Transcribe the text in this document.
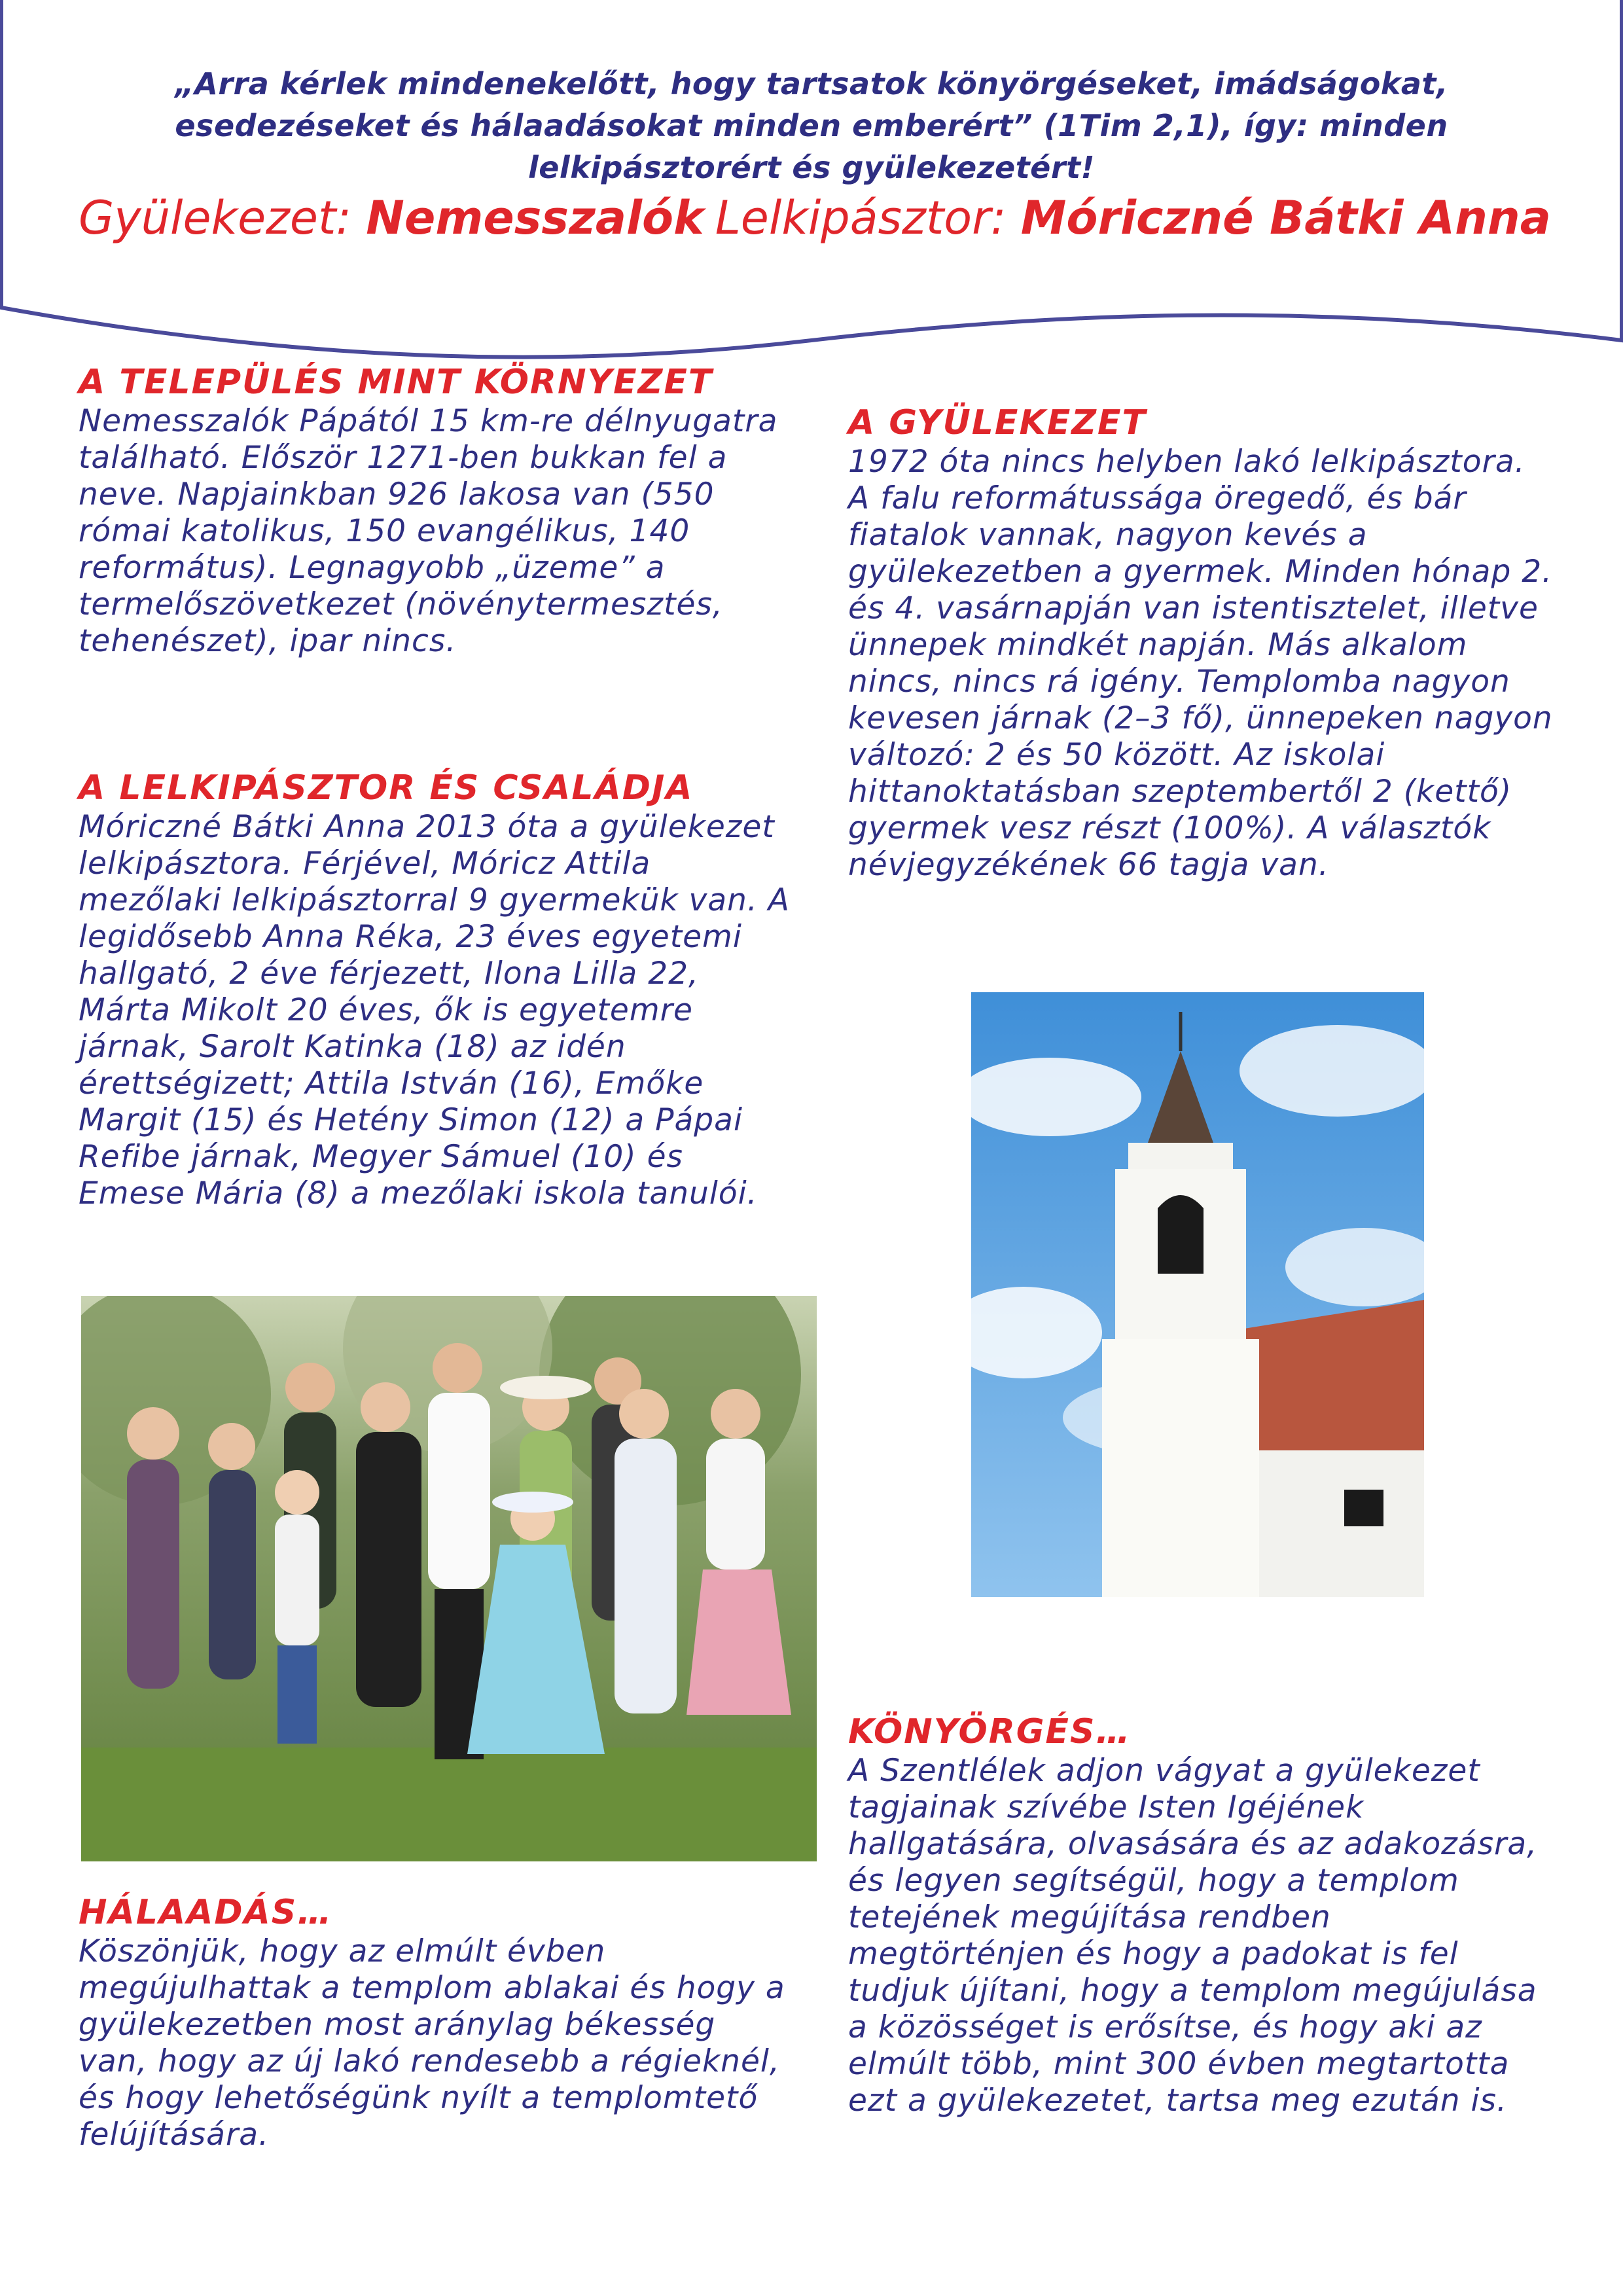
„Arra kérlek mindenekelőtt, hogy tartsatok könyörgéseket, imádságokat, esedezéseket és hálaadásokat minden emberért” (1Tim 2,1), így: minden lelkipásztorért és gyülekezetért!
Gyülekezet: Nemesszalók Lelkipásztor: Móriczné Bátki Anna
A TELEPÜLÉS MINT KÖRNYEZET

Nemesszalók Pápától 15 km-re délnyugatra található. Először 1271-ben bukkan fel a neve. Napjainkban 926 lakosa van (550 római katolikus, 150 evangélikus, 140 református). Legnagyobb „üzeme” a termelőszövetkezet (növénytermesztés, tehenészet), ipar nincs.

A LELKIPÁSZTOR ÉS CSALÁDJA

Móriczné Bátki Anna 2013 óta a gyülekezet lelkipásztora. Férjével, Móricz Attila mezőlaki lelkipásztorral 9 gyermekük van. A legidősebb Anna Réka, 23 éves egyetemi hallgató, 2 éve férjezett, Ilona Lilla 22, Márta Mikolt 20 éves, ők is egyetemre járnak, Sarolt Katinka (18) az idén érettségizett; Attila István (16), Emőke Margit (15) és Hetény Simon (12) a Pápai Refibe járnak, Megyer Sámuel (10) és Emese Mária (8) a mezőlaki iskola tanulói.

HÁLAADÁS…

Köszönjük, hogy az elmúlt évben megújulhattak a templom ablakai és hogy a gyülekezetben most aránylag békesség van, hogy az új lakó rendesebb a régieknél, és hogy lehetőségünk nyílt a templomtető felújítására.

A GYÜLEKEZET

1972 óta nincs helyben lakó lelkipásztora. A falu reformátussága öregedő, és bár fiatalok vannak, nagyon kevés a gyülekezetben a gyermek. Minden hónap 2. és 4. vasárnapján van istentisztelet, illetve ünnepek mindkét napján. Más alkalom nincs, nincs rá igény. Templomba nagyon kevesen járnak (2–3 fő), ünnepeken nagyon változó: 2 és 50 között. Az iskolai hittanoktatásban szeptembertől 2 (kettő) gyermek vesz részt (100%). A választók névjegyzékének 66 tagja van.

KÖNYÖRGÉS…

A Szentlélek adjon vágyat a gyülekezet tagjainak szívébe Isten Igéjének hallgatására, olvasására és az adakozásra, és legyen segítségül, hogy a templom tetejének megújítása rendben megtörténjen és hogy a padokat is fel tudjuk újítani, hogy a templom megújulása a közösséget is erősítse, és hogy aki az elmúlt több, mint 300 évben megtartotta ezt a gyülekezetet, tartsa meg ezután is.
